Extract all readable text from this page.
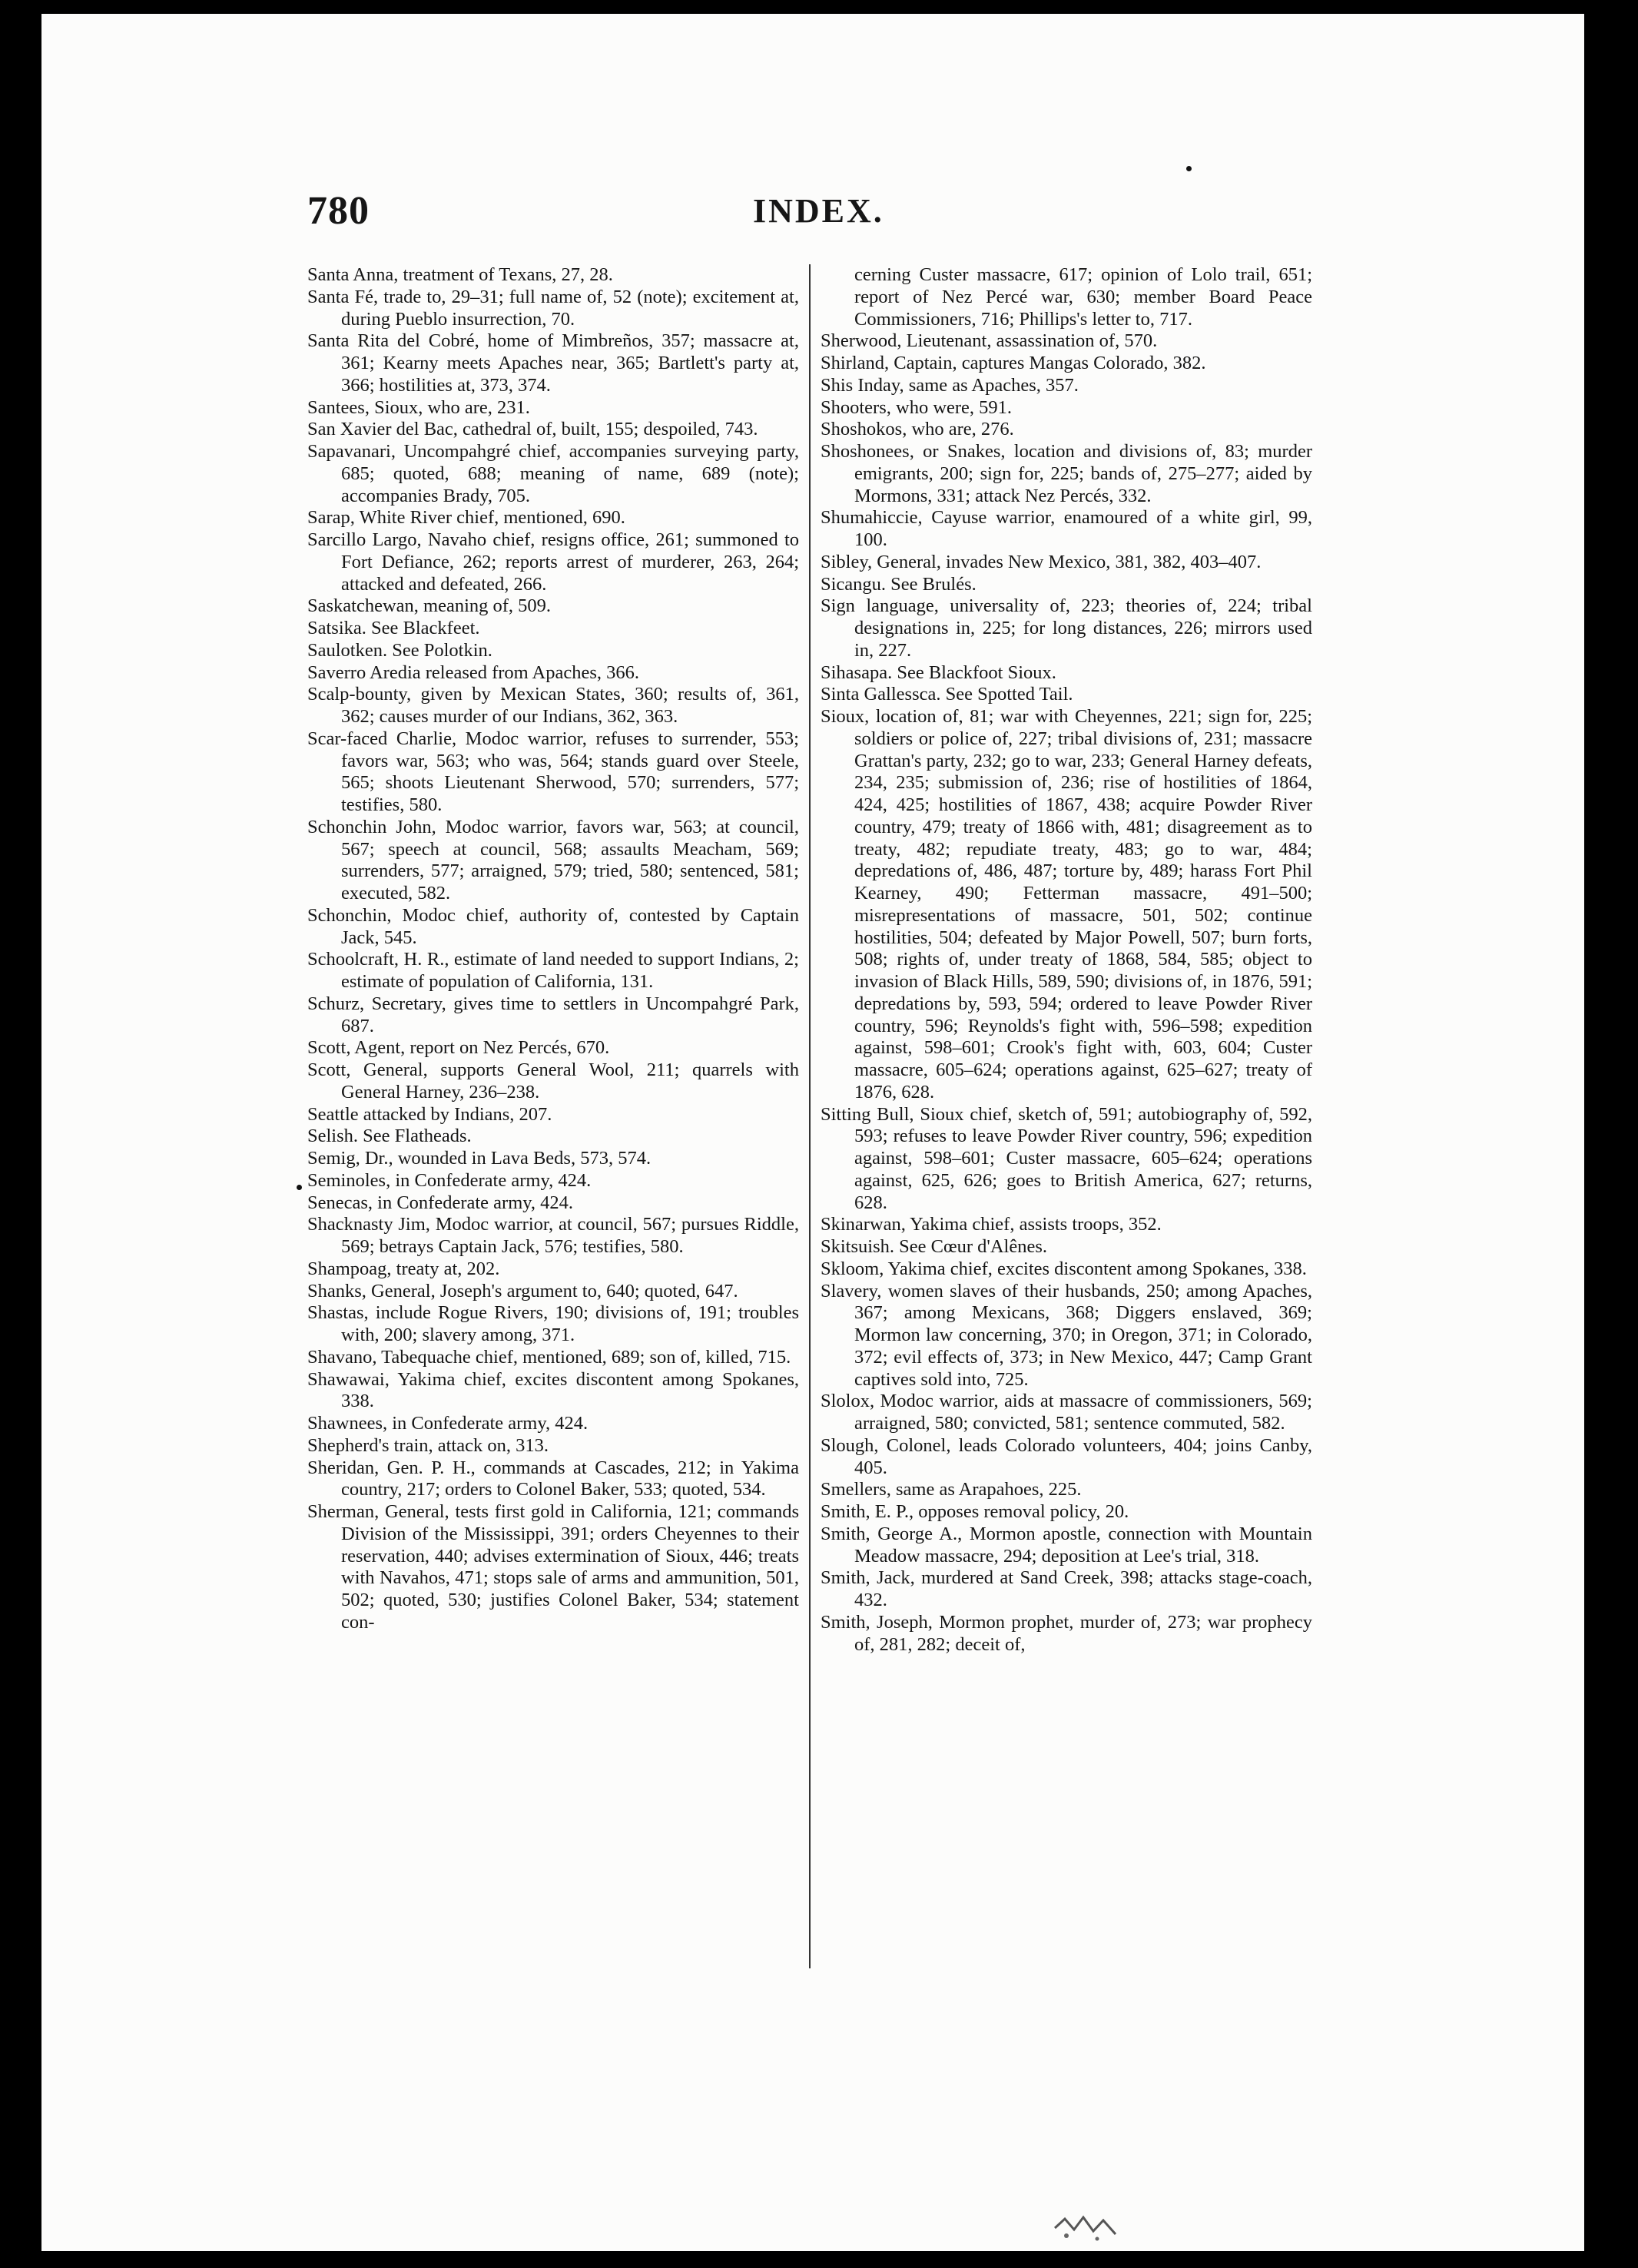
780	INDEX.
Santa Anna, treatment of Texans, 27, 28.
Santa Fé, trade to, 29–31; full name of, 52 (note); excitement at, during Pueblo insurrection, 70.
Santa Rita del Cobré, home of Mimbreños, 357; massacre at, 361; Kearny meets Apaches near, 365; Bartlett's party at, 366; hostilities at, 373, 374.
Santees, Sioux, who are, 231.
San Xavier del Bac, cathedral of, built, 155; despoiled, 743.
Sapavanari, Uncompahgré chief, accompanies surveying party, 685; quoted, 688; meaning of name, 689 (note); accompanies Brady, 705.
Sarap, White River chief, mentioned, 690.
Sarcillo Largo, Navaho chief, resigns office, 261; summoned to Fort Defiance, 262; reports arrest of murderer, 263, 264; attacked and defeated, 266.
Saskatchewan, meaning of, 509.
Satsika. See Blackfeet.
Saulotken. See Polotkin.
Saverro Aredia released from Apaches, 366.
Scalp-bounty, given by Mexican States, 360; results of, 361, 362; causes murder of our Indians, 362, 363.
Scar-faced Charlie, Modoc warrior, refuses to surrender, 553; favors war, 563; who was, 564; stands guard over Steele, 565; shoots Lieutenant Sherwood, 570; surrenders, 577; testifies, 580.
Schonchin John, Modoc warrior, favors war, 563; at council, 567; speech at council, 568; assaults Meacham, 569; surrenders, 577; arraigned, 579; tried, 580; sentenced, 581; executed, 582.
Schonchin, Modoc chief, authority of, contested by Captain Jack, 545.
Schoolcraft, H. R., estimate of land needed to support Indians, 2; estimate of population of California, 131.
Schurz, Secretary, gives time to settlers in Uncompahgré Park, 687.
Scott, Agent, report on Nez Percés, 670.
Scott, General, supports General Wool, 211; quarrels with General Harney, 236–238.
Seattle attacked by Indians, 207.
Selish. See Flatheads.
Semig, Dr., wounded in Lava Beds, 573, 574.
Seminoles, in Confederate army, 424.
Senecas, in Confederate army, 424.
Shacknasty Jim, Modoc warrior, at council, 567; pursues Riddle, 569; betrays Captain Jack, 576; testifies, 580.
Shampoag, treaty at, 202.
Shanks, General, Joseph's argument to, 640; quoted, 647.
Shastas, include Rogue Rivers, 190; divisions of, 191; troubles with, 200; slavery among, 371.
Shavano, Tabequache chief, mentioned, 689; son of, killed, 715.
Shawawai, Yakima chief, excites discontent among Spokanes, 338.
Shawnees, in Confederate army, 424.
Shepherd's train, attack on, 313.
Sheridan, Gen. P. H., commands at Cascades, 212; in Yakima country, 217; orders to Colonel Baker, 533; quoted, 534.
Sherman, General, tests first gold in California, 121; commands Division of the Mississippi, 391; orders Cheyennes to their reservation, 440; advises extermination of Sioux, 446; treats with Navahos, 471; stops sale of arms and ammunition, 501, 502; quoted, 530; justifies Colonel Baker, 534; statement con-
cerning Custer massacre, 617; opinion of Lolo trail, 651; report of Nez Percé war, 630; member Board Peace Commissioners, 716; Phillips's letter to, 717.
Sherwood, Lieutenant, assassination of, 570.
Shirland, Captain, captures Mangas Colorado, 382.
Shis Inday, same as Apaches, 357.
Shooters, who were, 591.
Shoshokos, who are, 276.
Shoshonees, or Snakes, location and divisions of, 83; murder emigrants, 200; sign for, 225; bands of, 275–277; aided by Mormons, 331; attack Nez Percés, 332.
Shumahiccie, Cayuse warrior, enamoured of a white girl, 99, 100.
Sibley, General, invades New Mexico, 381, 382, 403–407.
Sicangu. See Brulés.
Sign language, universality of, 223; theories of, 224; tribal designations in, 225; for long distances, 226; mirrors used in, 227.
Sihasapa. See Blackfoot Sioux.
Sinta Gallessca. See Spotted Tail.
Sioux, location of, 81; war with Cheyennes, 221; sign for, 225; soldiers or police of, 227; tribal divisions of, 231; massacre Grattan's party, 232; go to war, 233; General Harney defeats, 234, 235; submission of, 236; rise of hostilities of 1864, 424, 425; hostilities of 1867, 438; acquire Powder River country, 479; treaty of 1866 with, 481; disagreement as to treaty, 482; repudiate treaty, 483; go to war, 484; depredations of, 486, 487; torture by, 489; harass Fort Phil Kearney, 490; Fetterman massacre, 491–500; misrepresentations of massacre, 501, 502; continue hostilities, 504; defeated by Major Powell, 507; burn forts, 508; rights of, under treaty of 1868, 584, 585; object to invasion of Black Hills, 589, 590; divisions of, in 1876, 591; depredations by, 593, 594; ordered to leave Powder River country, 596; Reynolds's fight with, 596–598; expedition against, 598–601; Crook's fight with, 603, 604; Custer massacre, 605–624; operations against, 625–627; treaty of 1876, 628.
Sitting Bull, Sioux chief, sketch of, 591; autobiography of, 592, 593; refuses to leave Powder River country, 596; expedition against, 598–601; Custer massacre, 605–624; operations against, 625, 626; goes to British America, 627; returns, 628.
Skinarwan, Yakima chief, assists troops, 352.
Skitsuish. See Cœur d'Alênes.
Skloom, Yakima chief, excites discontent among Spokanes, 338.
Slavery, women slaves of their husbands, 250; among Apaches, 367; among Mexicans, 368; Diggers enslaved, 369; Mormon law concerning, 370; in Oregon, 371; in Colorado, 372; evil effects of, 373; in New Mexico, 447; Camp Grant captives sold into, 725.
Slolox, Modoc warrior, aids at massacre of commissioners, 569; arraigned, 580; convicted, 581; sentence commuted, 582.
Slough, Colonel, leads Colorado volunteers, 404; joins Canby, 405.
Smellers, same as Arapahoes, 225.
Smith, E. P., opposes removal policy, 20.
Smith, George A., Mormon apostle, connection with Mountain Meadow massacre, 294; deposition at Lee's trial, 318.
Smith, Jack, murdered at Sand Creek, 398; attacks stage-coach, 432.
Smith, Joseph, Mormon prophet, murder of, 273; war prophecy of, 281, 282; deceit of,
